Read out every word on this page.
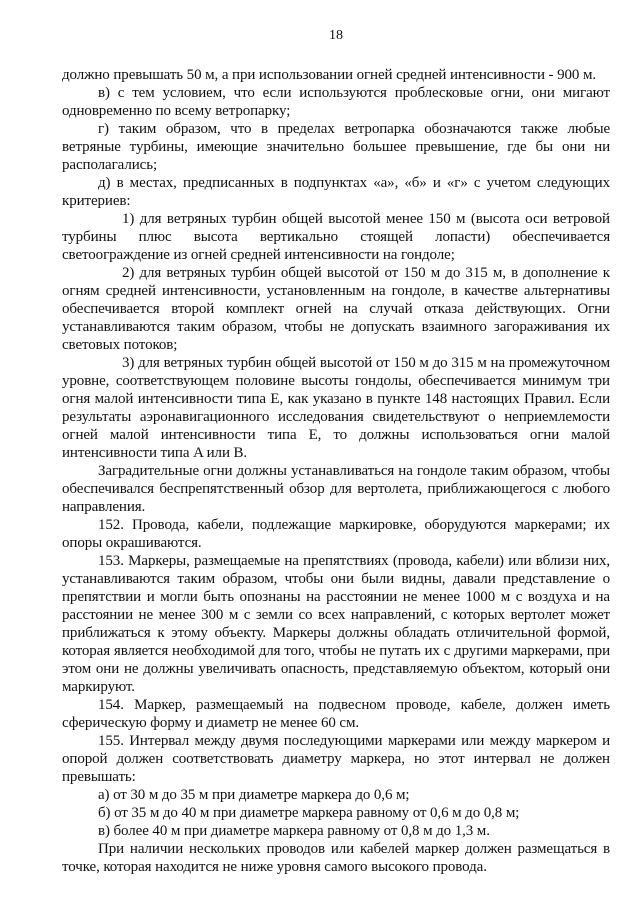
18

должно превышать 50 м, а при использовании огней средней интенсивности - 900 м.

в) с тем условием, что если используются проблесковые огни, они мигают одновременно по всему ветропарку;

г) таким образом, что в пределах ветропарка обозначаются также любые ветряные турбины, имеющие значительно большее превышение, где бы они ни располагались;

д) в местах, предписанных в подпунктах «а», «б» и «г» с учетом следующих критериев:

1) для ветряных турбин общей высотой менее 150 м (высота оси ветровой турбины плюс высота вертикально стоящей лопасти) обеспечивается светоограждение из огней средней интенсивности на гондоле;

2) для ветряных турбин общей высотой от 150 м до 315 м, в дополнение к огням средней интенсивности, установленным на гондоле, в качестве альтернативы обеспечивается второй комплект огней на случай отказа действующих. Огни устанавливаются таким образом, чтобы не допускать взаимного загораживания их световых потоков;

3) для ветряных турбин общей высотой от 150 м до 315 м на промежуточном уровне, соответствующем половине высоты гондолы, обеспечивается минимум три огня малой интенсивности типа E, как указано в пункте 148 настоящих Правил. Если результаты аэронавигационного исследования свидетельствуют о неприемлемости огней малой интенсивности типа E, то должны использоваться огни малой интенсивности типа A или B.

Заградительные огни должны устанавливаться на гондоле таким образом, чтобы обеспечивался беспрепятственный обзор для вертолета, приближающегося с любого направления.

152. Провода, кабели, подлежащие маркировке, оборудуются маркерами; их опоры окрашиваются.

153. Маркеры, размещаемые на препятствиях (провода, кабели) или вблизи них, устанавливаются таким образом, чтобы они были видны, давали представление о препятствии и могли быть опознаны на расстоянии не менее 1000 м с воздуха и на расстоянии не менее 300 м с земли со всех направлений, с которых вертолет может приближаться к этому объекту. Маркеры должны обладать отличительной формой, которая является необходимой для того, чтобы не путать их с другими маркерами, при этом они не должны увеличивать опасность, представляемую объектом, который они маркируют.

154. Маркер, размещаемый на подвесном проводе, кабеле, должен иметь сферическую форму и диаметр не менее 60 см.

155. Интервал между двумя последующими маркерами или между маркером и опорой должен соответствовать диаметру маркера, но этот интервал не должен превышать:

а) от 30 м до 35 м при диаметре маркера до 0,6 м;

б) от 35 м до 40 м при диаметре маркера равному от 0,6 м до 0,8 м;

в) более 40 м при диаметре маркера равному от 0,8 м до 1,3 м.

При наличии нескольких проводов или кабелей маркер должен размещаться в точке, которая находится не ниже уровня самого высокого провода.
